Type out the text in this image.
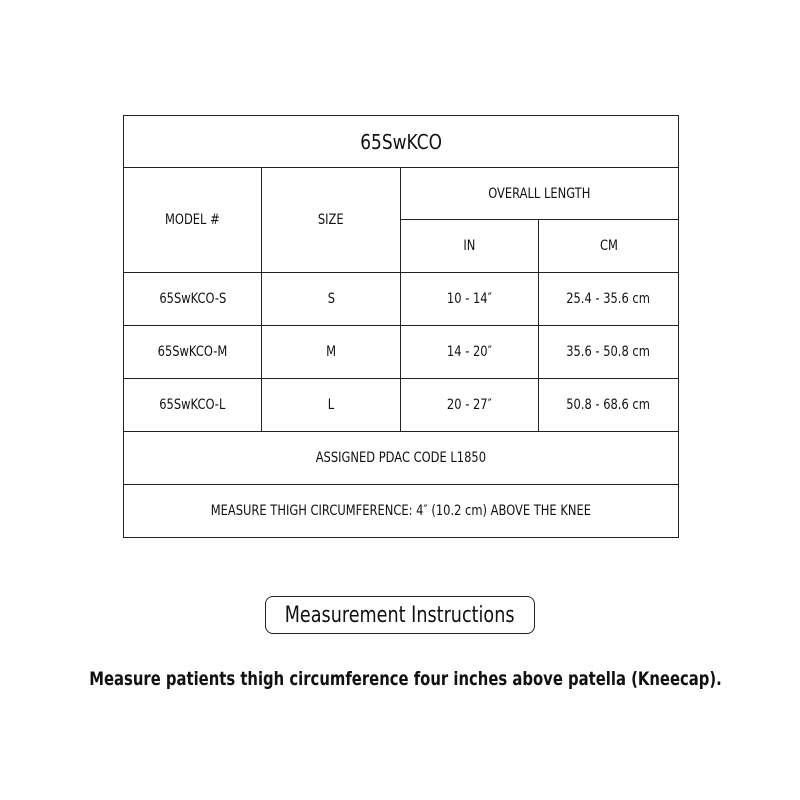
65SwKCO			
MODEL #	SIZE	OVERALL LENGTH	
		IN	CM
65SwKCO-S	S	10 - 14″	25.4 - 35.6 cm
65SwKCO-M	M	14 - 20″	35.6 - 50.8 cm
65SwKCO-L	L	20 - 27″	50.8 - 68.6 cm
ASSIGNED PDAC CODE L1850			
MEASURE THIGH CIRCUMFERENCE: 4″ (10.2 cm) ABOVE THE KNEE			
Measurement Instructions
Measure patients thigh circumference four inches above patella (Kneecap).
